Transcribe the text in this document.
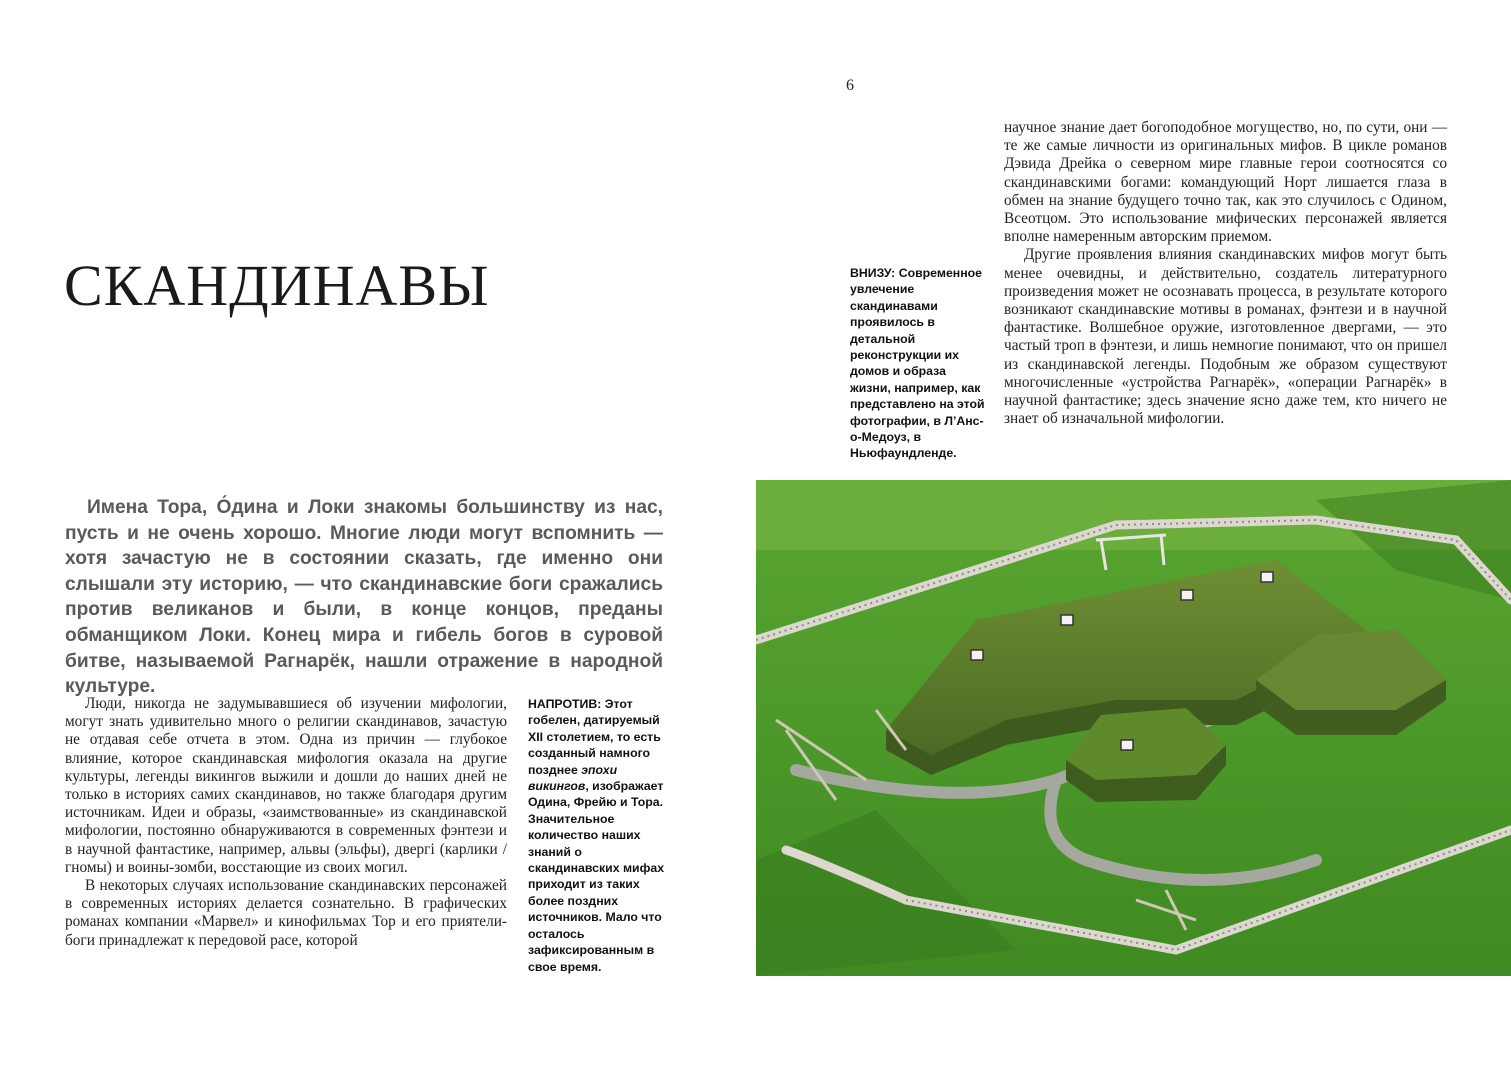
6
СКАНДИНАВЫ

Имена Тора, О́дина и Локи знакомы большинству из нас, пусть и не очень хорошо. Многие люди могут вспомнить — хотя зачастую не в состоянии сказать, где именно они слышали эту историю, — что скандинавские боги сражались против великанов и были, в конце концов, преданы обманщиком Локи. Конец мира и гибель богов в суровой битве, называемой Рагнарёк, нашли отражение в народной культуре.

Люди, никогда не задумывавшиеся об изучении мифологии, могут знать удивительно много о религии скандинавов, зачастую не отдавая себе отчета в этом. Одна из причин — глубокое влияние, которое скандинавская мифология оказала на другие культуры, легенды викингов выжили и дошли до наших дней не только в историях самих скандинавов, но также благодаря другим источникам. Идеи и образы, «заимствованные» из скандинавской мифологии, постоянно обнаруживаются в современных фэнтези и в научной фантастике, например, альвы (эльфы), двергi (карлики / гномы) и воины-зомби, восстающие из своих могил.

В некоторых случаях использование скандинавских персонажей в современных историях делается сознательно. В графических романах компании «Марвел» и кинофильмах Тор и его приятели-боги принадлежат к передовой расе, которой

НАПРОТИВ: Этот гобелен, датируемый XII столетием, то есть созданный намного позднее эпохи викингов, изображает Одина, Фрейю и Тора. Значительное количество наших знаний о скандинавских мифах приходит из таких более поздних источников. Мало что осталось зафиксированным в свое время.
ВНИЗУ: Современное увлечение скандинавами проявилось в детальной реконструкции их домов и образа жизни, например, как представлено на этой фотографии, в Л’Анс-о-Медоуз, в Ньюфаундленде.

научное знание дает богоподобное могущество, но, по сути, они — те же самые личности из оригинальных мифов. В цикле романов Дэвида Дрейка о северном мире главные герои соотносятся со скандинавскими богами: командующий Норт лишается глаза в обмен на знание будущего точно так, как это случилось с Одином, Всеотцом. Это использование мифических персонажей является вполне намеренным авторским приемом.

Другие проявления влияния скандинавских мифов могут быть менее очевидны, и действительно, создатель литературного произведения может не осознавать процесса, в результате которого возникают скандинавские мотивы в романах, фэнтези и в научной фантастике. Волшебное оружие, изготовленное двергами, — это частый троп в фэнтези, и лишь немногие понимают, что он пришел из скандинавской легенды. Подобным же образом существуют многочисленные «устройства Рагнарёк», «операции Рагнарёк» в научной фантастике; здесь значение ясно даже тем, кто ничего не знает об изначальной мифологии.
